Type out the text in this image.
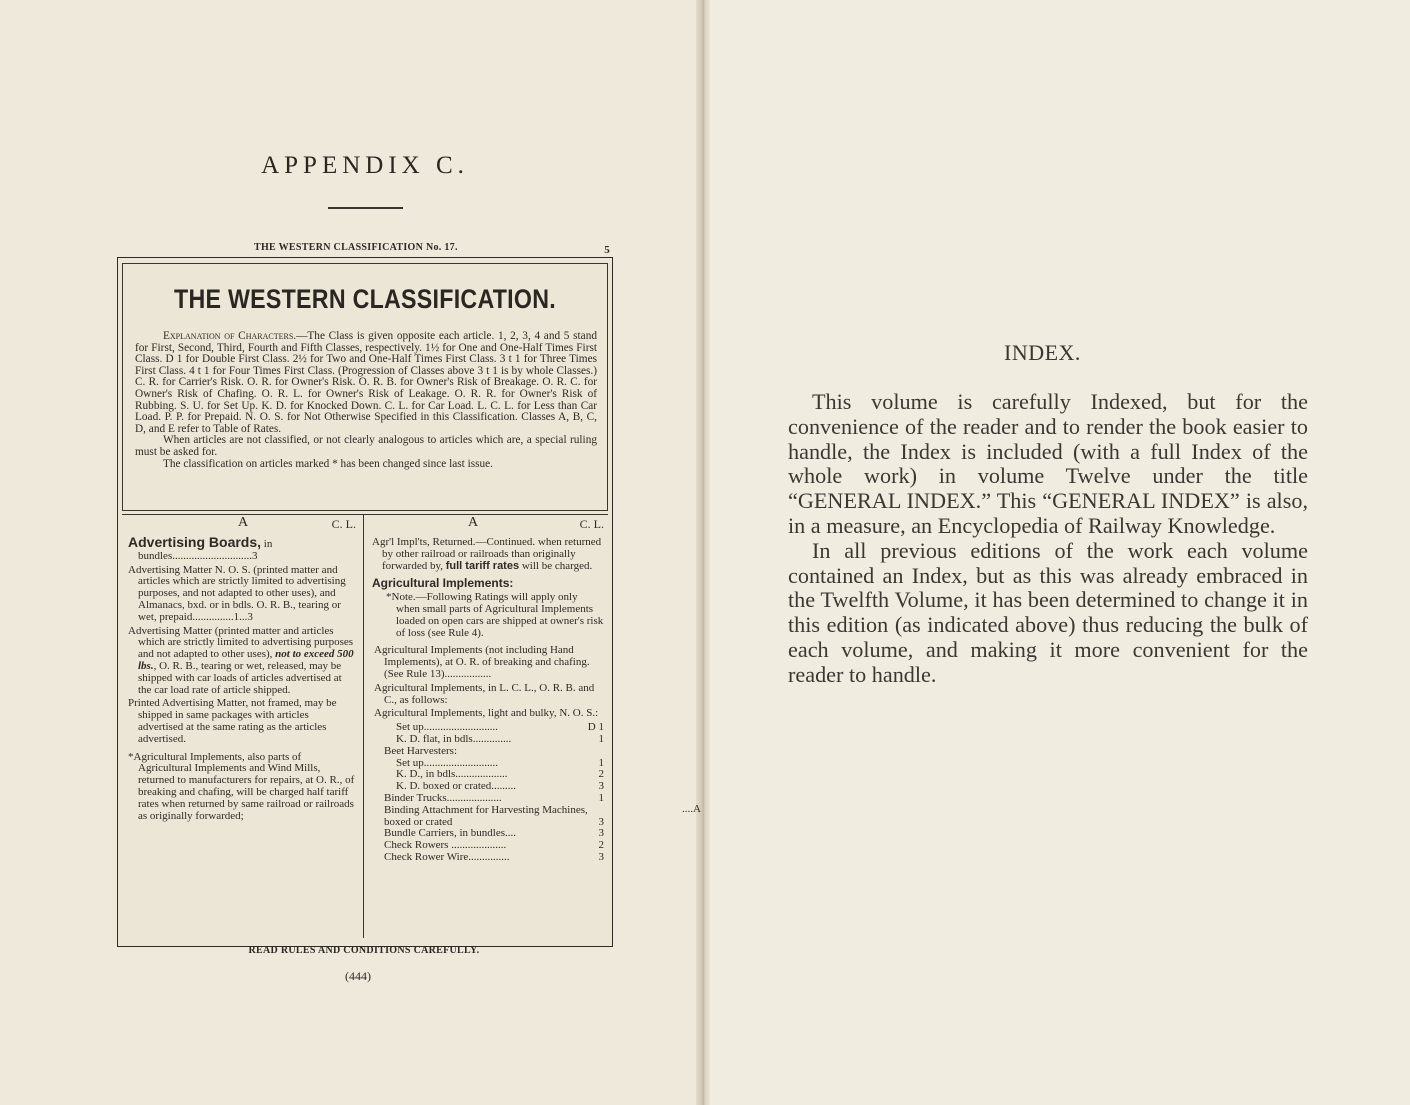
APPENDIX C.
THE WESTERN CLASSIFICATION No. 17.	5
THE WESTERN CLASSIFICATION.

Explanation of Characters.—The Class is given opposite each article. 1, 2, 3, 4 and 5 stand for First, Second, Third, Fourth and Fifth Classes, respectively. 1½ for One and One-Half Times First Class. D 1 for Double First Class. 2½ for Two and One-Half Times First Class. 3 t 1 for Three Times First Class. 4 t 1 for Four Times First Class. (Progression of Classes above 3 t 1 is by whole Classes.) C. R. for Carrier's Risk. O. R. for Owner's Risk. O. R. B. for Owner's Risk of Breakage. O. R. C. for Owner's Risk of Chafing. O. R. L. for Owner's Risk of Leakage. O. R. R. for Owner's Risk of Rubbing. S. U. for Set Up. K. D. for Knocked Down. C. L. for Car Load. L. C. L. for Less than Car Load. P. P. for Prepaid. N. O. S. for Not Otherwise Specified in this Classification. Classes A, B, C, D, and E refer to Table of Rates.

When articles are not classified, or not clearly analogous to articles which are, a special ruling must be asked for.

The classification on articles marked * has been changed since last issue.

A	C. L.
Advertising Boards, in bundles.............................3
Advertising Matter N. O. S. (printed matter and articles which are strictly limited to advertising purposes, and not adapted to other uses), and Almanacs, bxd. or in bdls. O. R. B., tearing or wet, prepaid...............1...3
Advertising Matter (printed matter and articles which are strictly limited to advertising purposes and not adapted to other uses), not to exceed 500 lbs., O. R. B., tearing or wet, released, may be shipped with car loads of articles advertised at the car load rate of article shipped.
Printed Advertising Matter, not framed, may be shipped in same packages with articles advertised at the same rating as the articles advertised.
*Agricultural Implements, also parts of Agricultural Implements and Wind Mills, returned to manufacturers for repairs, at O. R., of breaking and chafing, will be charged half tariff rates when returned by same railroad or railroads as originally forwarded;
A	C. L.
Agr'l Impl'ts, Returned.—Continued. when returned by other railroad or railroads than originally forwarded by, full tariff rates will be charged.
Agricultural Implements:
*Note.—Following Ratings will apply only when small parts of Agricultural Implements loaded on open cars are shipped at owner's risk of loss (see Rule 4).
Agricultural Implements (not including Hand Implements), at O. R. of breaking and chafing. (See Rule 13).................
Agricultural Implements, in L. C. L., O. R. B. and C., as follows:
Agricultural Implements, light and bulky, N. O. S.:
Set up...........................	D 1
K. D. flat, in bdls..............	1
Beet Harvesters:
Set up...........................	1
K. D., in bdls...................	2
K. D. boxed or crated.........	3
Binder Trucks....................	1
Binding Attachment for Harvesting Machines, boxed or crated	3
Bundle Carriers, in bundles....	3
Check Rowers ....................	2
Check Rower Wire...............	3
READ RULES AND CONDITIONS CAREFULLY.
(444)
INDEX.

This volume is carefully Indexed, but for the convenience of the reader and to render the book easier to handle, the Index is included (with a full Index of the whole work) in volume Twelve under the title “GENERAL INDEX.” This “GENERAL INDEX” is also, in a measure, an Encyclopedia of Railway Knowledge.

In all previous editions of the work each volume contained an Index, but as this was already embraced in the Twelfth Volume, it has been determined to change it in this edition (as indicated above) thus reducing the bulk of each volume, and making it more convenient for the reader to handle.

....A
